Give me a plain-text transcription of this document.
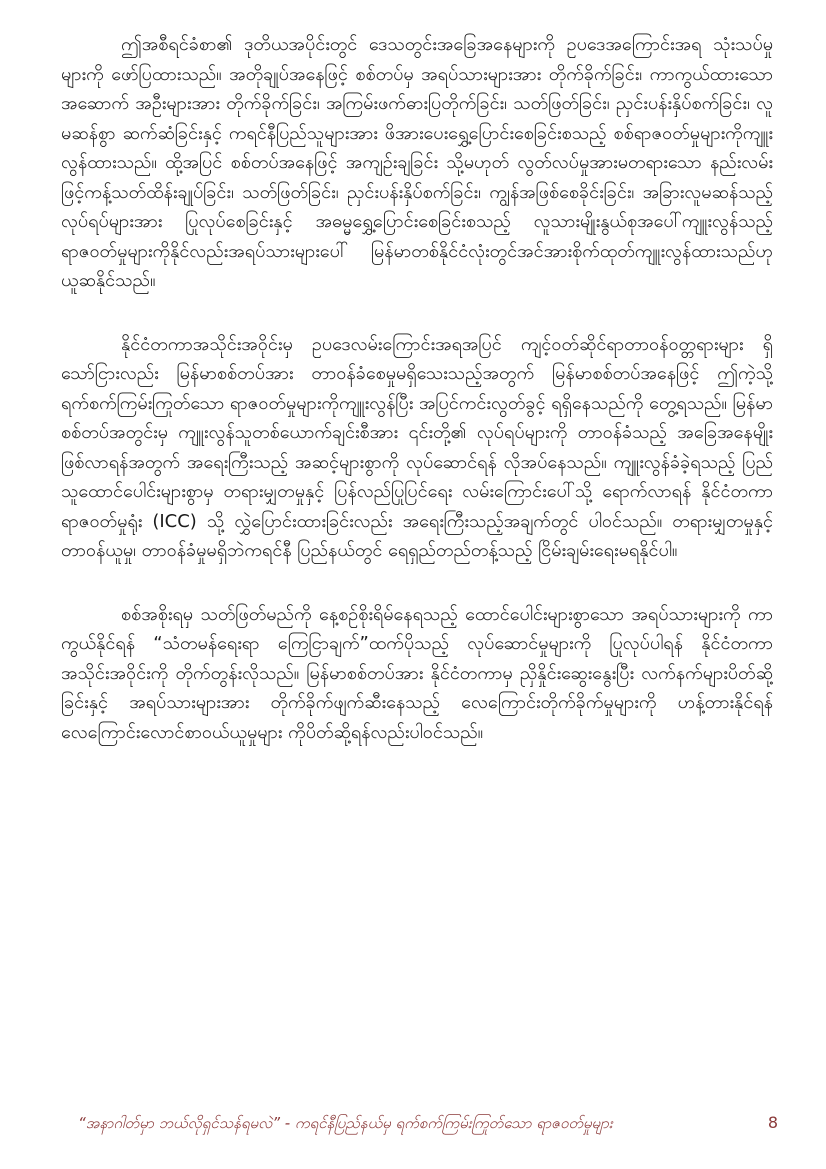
ဤအစီရင်ခံစာ၏ ဒုတိယအပိုင်းတွင် ဒေသတွင်းအခြေအနေများကို ဥပဒေအကြောင်းအရ သုံးသပ်မှုများကို ဖော်ပြထားသည်။ အတိုချုပ်အနေဖြင့် စစ်တပ်မှ အရပ်သားများအား တိုက်ခိုက်ခြင်း၊ ကာကွယ်ထားသော အဆောက် အဦးများအား တိုက်ခိုက်ခြင်း၊ အကြမ်းဖက်ဓားပြတိုက်ခြင်း၊ သတ်ဖြတ်ခြင်း၊ ညှင်းပန်းနှိပ်စက်ခြင်း၊ လူမဆန်စွာ ဆက်ဆံခြင်းနှင့် ကရင်နီပြည်သူများအား ဖိအားပေးရွှေ့ပြောင်းစေခြင်းစသည့် စစ်ရာဇဝတ်မှုများကိုကျူး လွန်ထားသည်။ ထို့အပြင် စစ်တပ်အနေဖြင့် အကျဉ်းချခြင်း သို့မဟုတ် လွတ်လပ်မှုအားမတရားသော နည်းလမ်းဖြင့်ကန့်သတ်ထိန်းချုပ်ခြင်း၊ သတ်ဖြတ်ခြင်း၊ ညှင်းပန်းနှိပ်စက်ခြင်း၊ ကျွန်အဖြစ်စေခိုင်းခြင်း၊ အခြားလူမဆန်သည့် လုပ်ရပ်များအား ပြုလုပ်စေခြင်းနှင့် အဓမ္မရွှေ့ပြောင်းစေခြင်းစသည့် လူသားမျိုးနွယ်စုအပေါ်ကျူးလွန်သည့် ရာဇဝတ်မှုများကိုနိုင်လည်းအရပ်သားများပေါ် မြန်မာတစ်နိုင်ငံလုံးတွင်အင်အားစိုက်ထုတ်ကျူးလွန်ထားသည်ဟု ယူဆနိုင်သည်။

နိုင်ငံတကာအသိုင်းအဝိုင်းမှ ဥပဒေလမ်းကြောင်းအရအပြင် ကျင့်ဝတ်ဆိုင်ရာတာဝန်ဝတ္တရားများ ရှိသော်ငြားလည်း မြန်မာစစ်တပ်အား တာဝန်ခံစေမှုမရှိသေးသည့်အတွက် မြန်မာစစ်တပ်အနေဖြင့် ဤကဲ့သို့ ရက်စက်ကြမ်းကြုတ်သော ရာဇဝတ်မှုများကိုကျူးလွန်ပြီး အပြင်ကင်းလွတ်ခွင့် ရရှိနေသည်ကို တွေ့ရသည်။ မြန်မာစစ်တပ်အတွင်းမှ ကျူးလွန်သူတစ်ယောက်ချင်းစီအား ၎င်းတို့၏ လုပ်ရပ်များကို တာဝန်ခံသည့် အခြေအနေမျိုး ဖြစ်လာရန်အတွက် အရေးကြီးသည့် အဆင့်များစွာကို လုပ်ဆောင်ရန် လိုအပ်နေသည်။ ကျူးလွန်ခံခဲ့ရသည့် ပြည်သူထောင်ပေါင်းများစွာမှ တရားမျှတမှုနှင့် ပြန်လည်ပြုပြင်ရေး လမ်းကြောင်းပေါ်သို့ ရောက်လာရန် နိုင်ငံတကာရာဇဝတ်မှုရုံး (ICC) သို့ လွှဲပြောင်းထားခြင်းလည်း အရေးကြီးသည့်အချက်တွင် ပါဝင်သည်။ တရားမျှတမှုနှင့် တာဝန်ယူမှု၊ တာဝန်ခံမှုမရှိဘဲကရင်နီ ပြည်နယ်တွင် ရေရှည်တည်တန့်သည့် ငြိမ်းချမ်းရေးမရနိုင်ပါ။

စစ်အစိုးရမှ သတ်ဖြတ်မည်ကို နေ့စဉ်စိုးရိမ်နေရသည့် ထောင်ပေါင်းများစွာသော အရပ်သားများကို ကာကွယ်နိုင်ရန် “သံတမန်ရေးရာ ကြေငြာချက်”ထက်ပိုသည့် လုပ်ဆောင်မှုများကို ပြုလုပ်ပါရန် နိုင်ငံတကာအသိုင်းအဝိုင်းကို တိုက်တွန်းလိုသည်။ မြန်မာစစ်တပ်အား နိုင်ငံတကာမှ ညှိနှိုင်းဆွေးနွေးပြီး လက်နက်များပိတ်ဆို့ခြင်းနှင့် အရပ်သားများအား တိုက်ခိုက်ဖျက်ဆီးနေသည့် လေကြောင်းတိုက်ခိုက်မှုများကို ဟန့်တားနိုင်ရန် လေကြောင်းလောင်စာဝယ်ယူမှုများ ကိုပိတ်ဆို့ရန်လည်းပါဝင်သည်။

“အနာဂါတ်မှာ ဘယ်လိုရှင်သန်ရမလဲ” - ကရင်နီပြည်နယ်မှ ရက်စက်ကြမ်းကြုတ်သော ရာဇဝတ်မှုများ	8
